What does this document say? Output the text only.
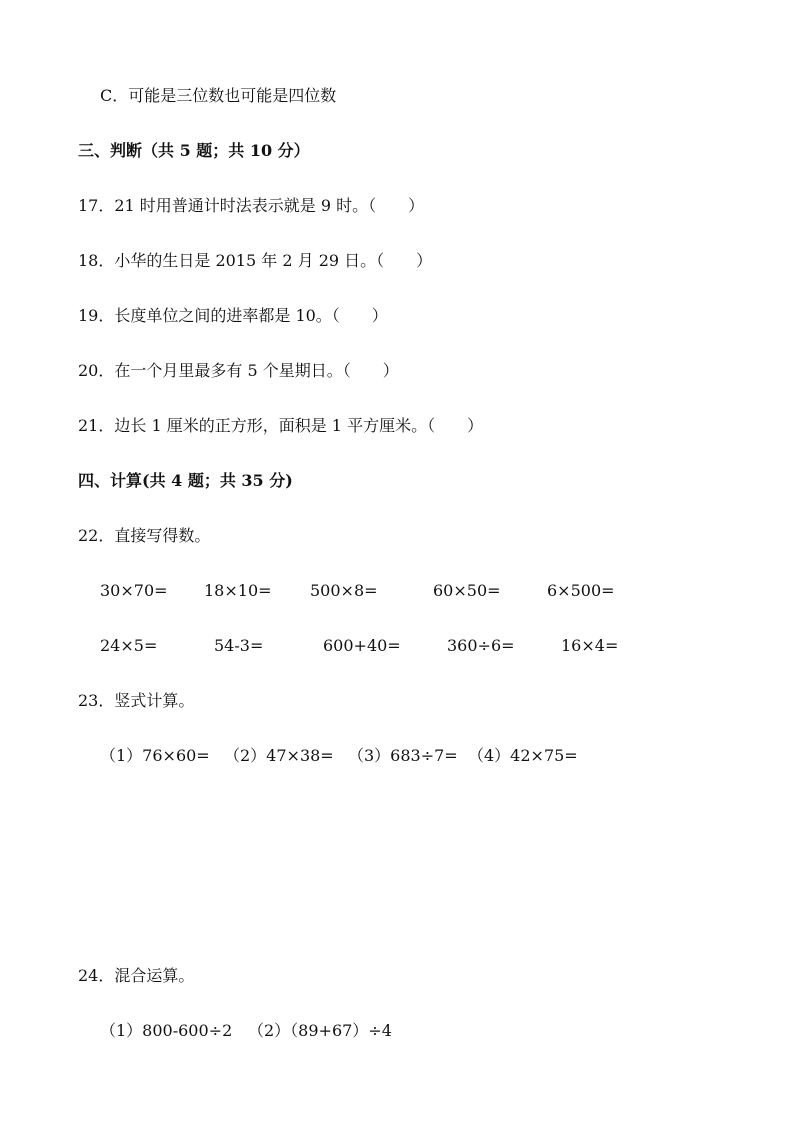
C．可能是三位数也可能是四位数
三、判断（共 5 题；共 10 分）
17．21 时用普通计时法表示就是 9 时。（　　）
18．小华的生日是 2015 年 2 月 29 日。（　　）
19．长度单位之间的进率都是 10。（　　）
20．在一个月里最多有 5 个星期日。（　　）
21．边长 1 厘米的正方形，面积是 1 平方厘米。（　　）
四、计算(共 4 题；共 35 分)
22．直接写得数。
30×70= 18×10= 500×8=	60×50=	6×500=
24×5=	54-3=	600+40=	360÷6=	16×4=
23．竖式计算。
（1）76×60= （2）47×38= （3）683÷7= （4）42×75=
24．混合运算。
（1）800-600÷2 （2）（89+67）÷4
